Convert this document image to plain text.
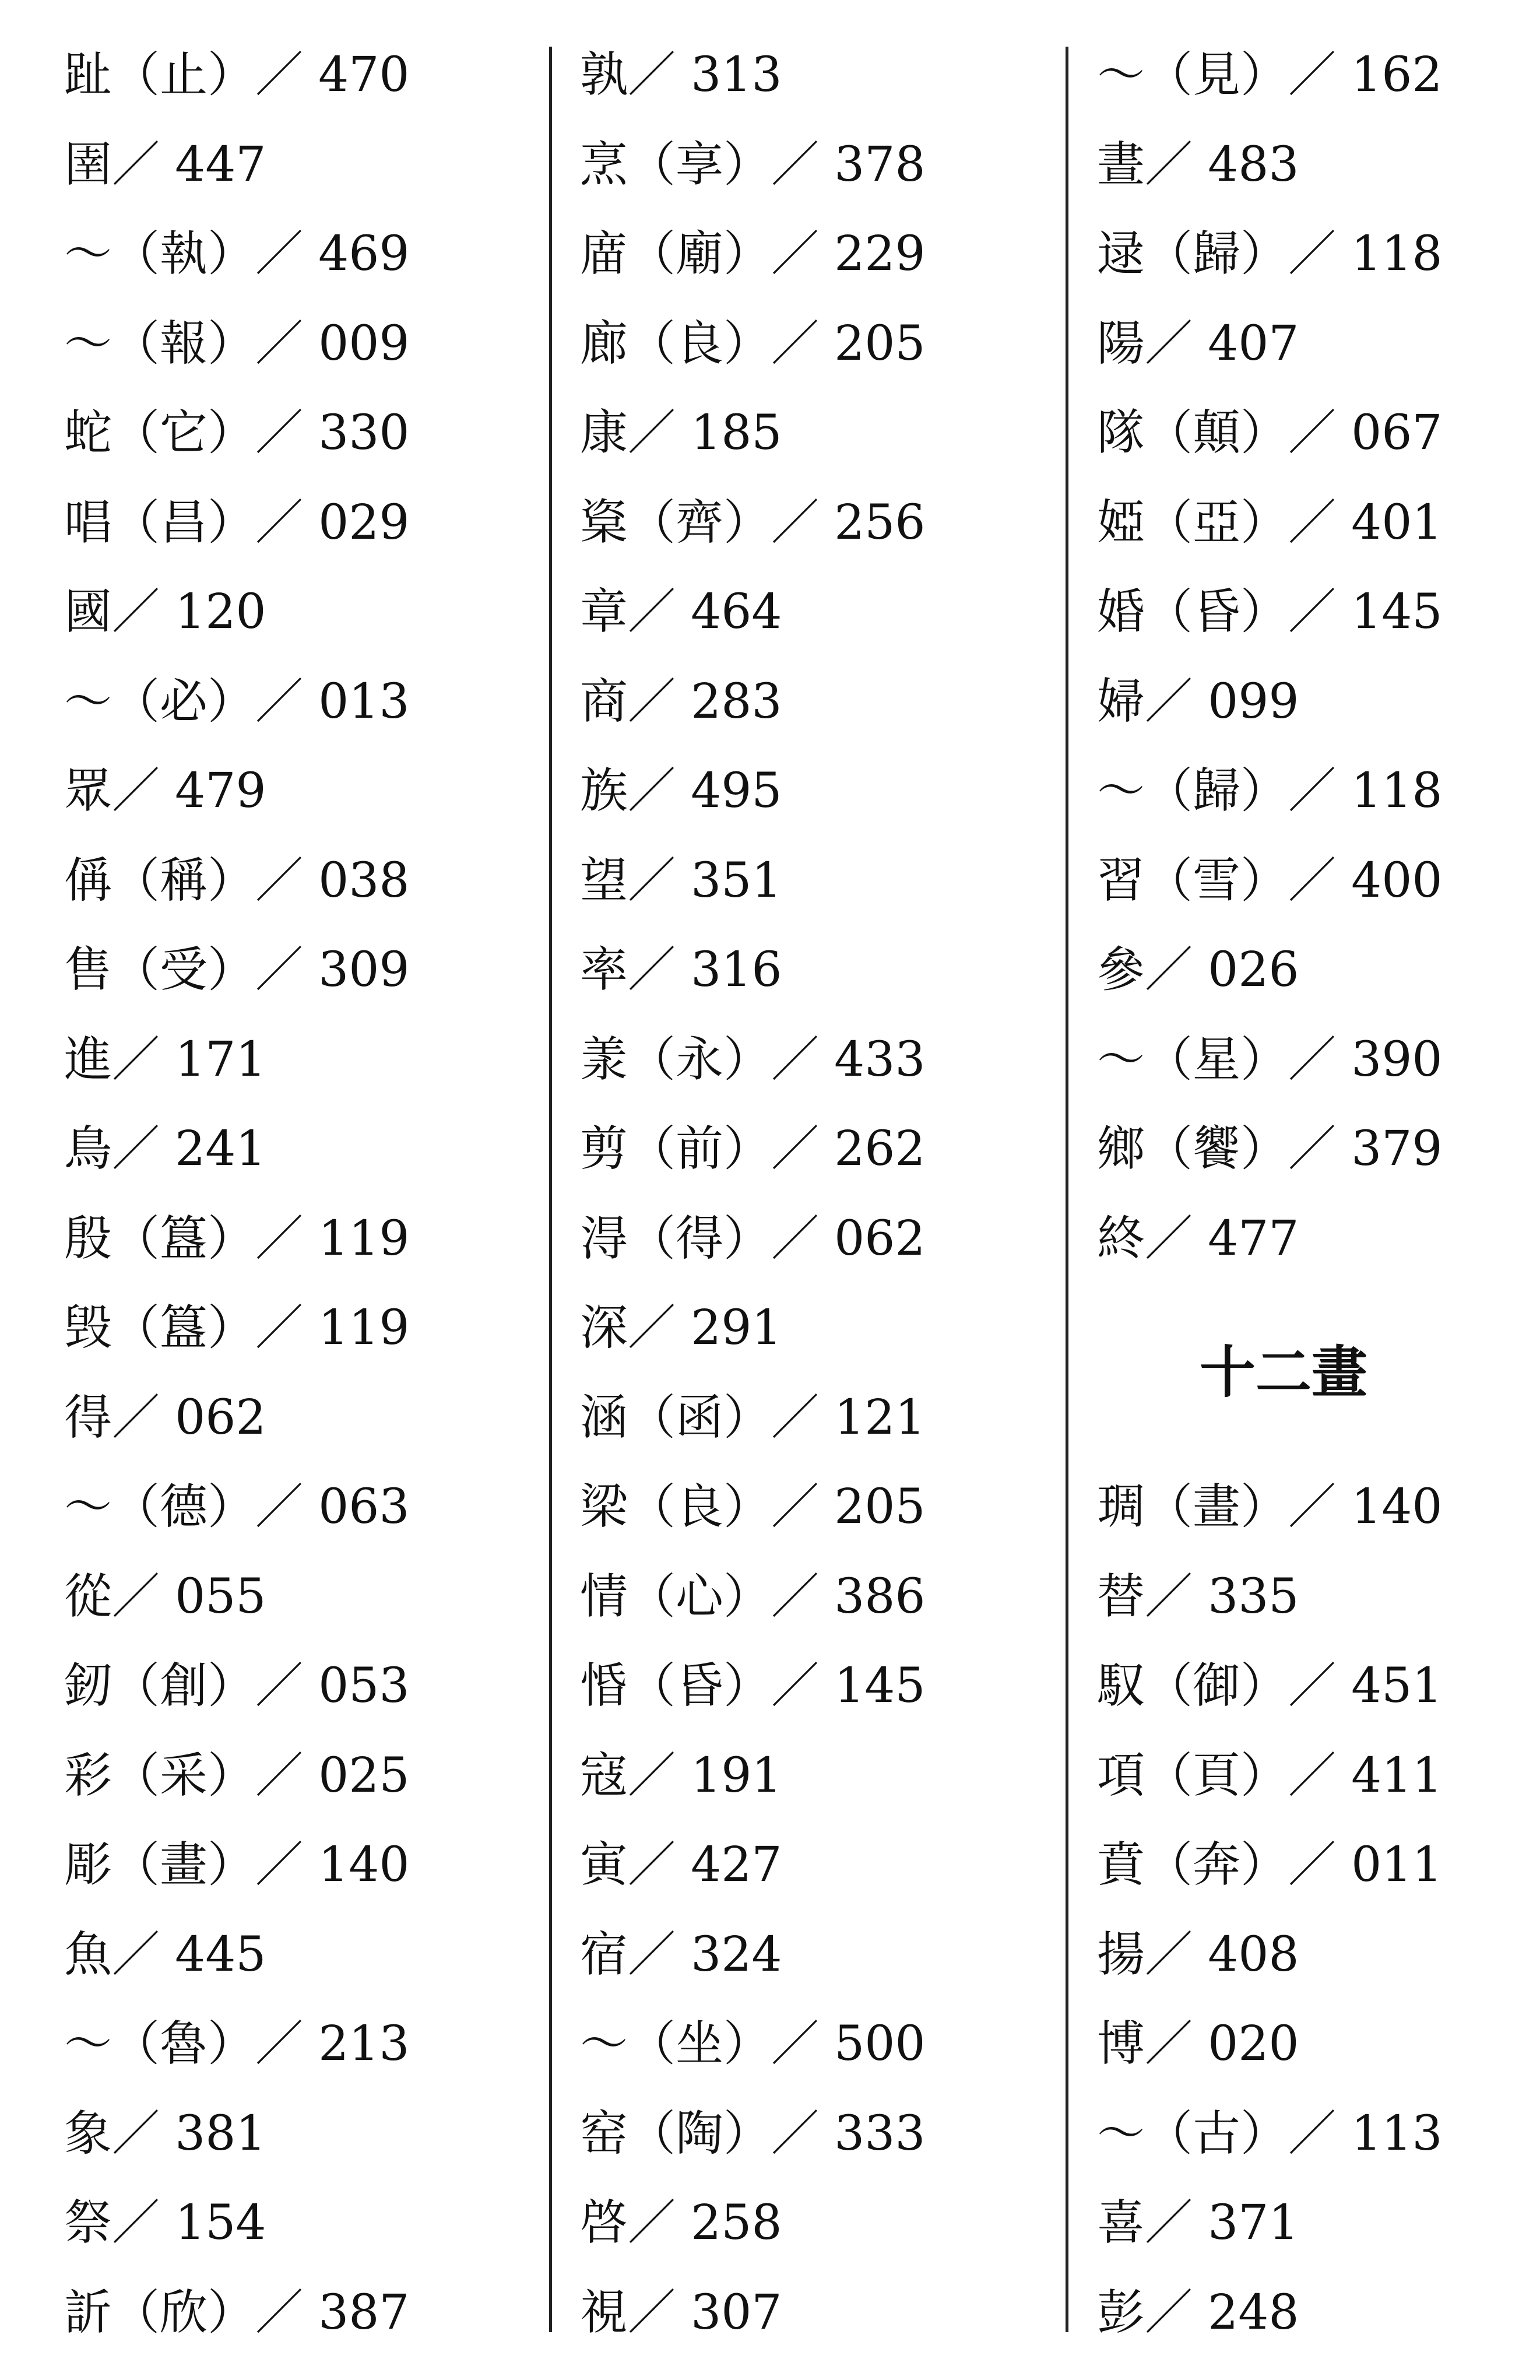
趾（止）／ 470
圉／ 447
～（執）／ 469
～（報）／ 009
蛇（它）／ 330
唱（昌）／ 029
國／ 120
～（必）／ 013
眾／ 479
偁（稱）／ 038
售（受）／ 309
進／ 171
鳥／ 241
殷（簋）／ 119
毁（簋）／ 119
得／ 062
～（德）／ 063
從／ 055
釰（創）／ 053
彩（采）／ 025
彫（畫）／ 140
魚／ 445
～（魯）／ 213
象／ 381
祭／ 154
訢（欣）／ 387
孰／ 313
烹（享）／ 378
庿（廟）／ 229
廊（良）／ 205
康／ 185
楶（齊）／ 256
章／ 464
商／ 283
族／ 495
望／ 351
率／ 316
羕（永）／ 433
剪（前）／ 262
淂（得）／ 062
深／ 291
涵（函）／ 121
梁（良）／ 205
情（心）／ 386
惛（昏）／ 145
寇／ 191
寅／ 427
宿／ 324
～（坐）／ 500
窑（陶）／ 333
啓／ 258
視／ 307
～（見）／ 162
晝／ 483
逯（歸）／ 118
陽／ 407
隊（顛）／ 067
婭（亞）／ 401
婚（昏）／ 145
婦／ 099
～（歸）／ 118
習（雪）／ 400
參／ 026
～（星）／ 390
鄉（饗）／ 379
終／ 477
十二畫
琱（畫）／ 140
替／ 335
馭（御）／ 451
項（頁）／ 411
賁（奔）／ 011
揚／ 408
博／ 020
～（古）／ 113
喜／ 371
彭／ 248
